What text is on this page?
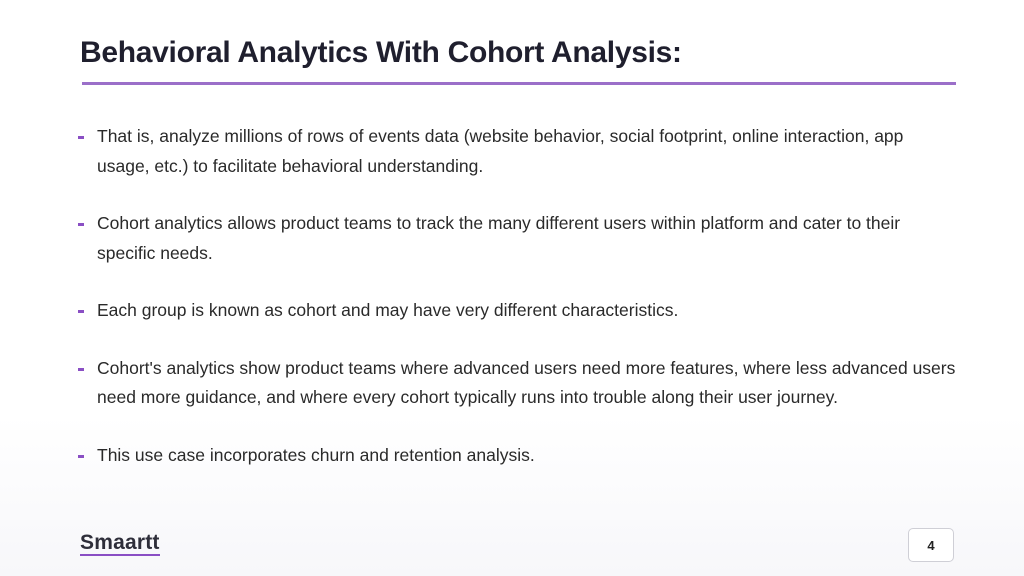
Behavioral Analytics With Cohort Analysis:
That is, analyze millions of rows of events data (website behavior, social footprint, online interaction, app usage, etc.) to facilitate behavioral understanding.
Cohort analytics allows product teams to track the many different users within platform and cater to their specific needs.
Each group is known as cohort and may have very different characteristics.
Cohort's analytics show product teams where advanced users need more features, where less advanced users need more guidance, and where every cohort typically runs into trouble along their user journey.
This use case incorporates churn and retention analysis.
Smaartt	4
